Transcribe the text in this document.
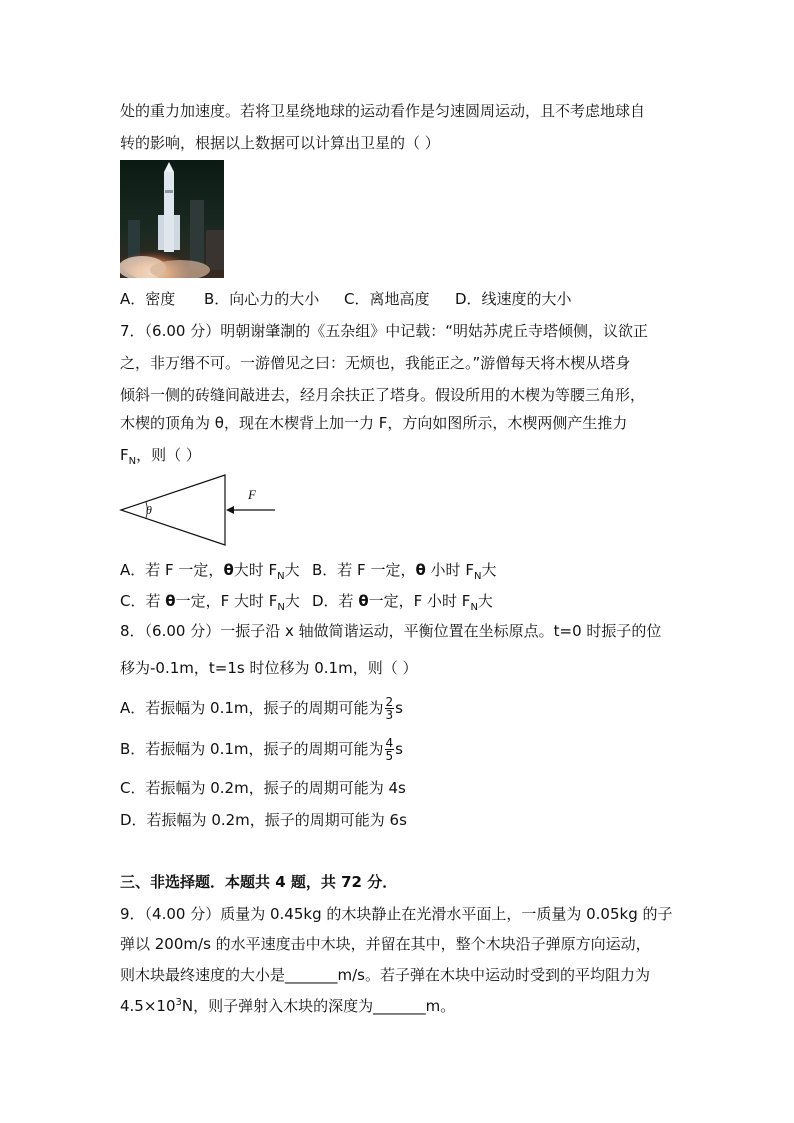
处的重力加速度。若将卫星绕地球的运动看作是匀速圆周运动，且不考虑地球自
转的影响，根据以上数据可以计算出卫星的（ ）
A．密度 B．向心力的大小 C．离地高度 D．线速度的大小
7．（6.00 分）明朝谢肇淛的《五杂组》中记载：“明姑苏虎丘寺塔倾侧，议欲正
之，非万缗不可。一游僧见之曰：无烦也，我能正之。”游僧每天将木楔从塔身
倾斜一侧的砖缝间敲进去，经月余扶正了塔身。假设所用的木楔为等腰三角形，
木楔的顶角为 θ，现在木楔背上加一力 F，方向如图所示，木楔两侧产生推力
$F_N$，则（ ）
θ
F
A．若 F 一定，θ大时 $F_N$大 B．若 F 一定，θ 小时 $F_N$大
C．若 θ一定，F 大时 $F_N$大 D．若 θ一定，F 小时 $F_N$大
8．（6.00 分）一振子沿 x 轴做简谐运动，平衡位置在坐标原点。t=0 时振子的位
移为-0.1m，t=1s 时位移为 0.1m，则（ ）
A．若振幅为 0.1m，振子的周期可能为 $\frac{2}{3}$ s
B．若振幅为 0.1m，振子的周期可能为 $\frac{4}{5}$ s
C．若振幅为 0.2m，振子的周期可能为 4s
D．若振幅为 0.2m，振子的周期可能为 6s
三、非选择题．本题共 4 题，共 72 分．
9．（4.00 分）质量为 0.45kg 的木块静止在光滑水平面上，一质量为 0.05kg 的子
弹以 200m/s 的水平速度击中木块，并留在其中，整个木块沿子弹原方向运动，
则木块最终速度的大小是_______m/s。若子弹在木块中运动时受到的平均阻力为
$4.5\times 10^3N$，则子弹射入木块的深度为_______m。
